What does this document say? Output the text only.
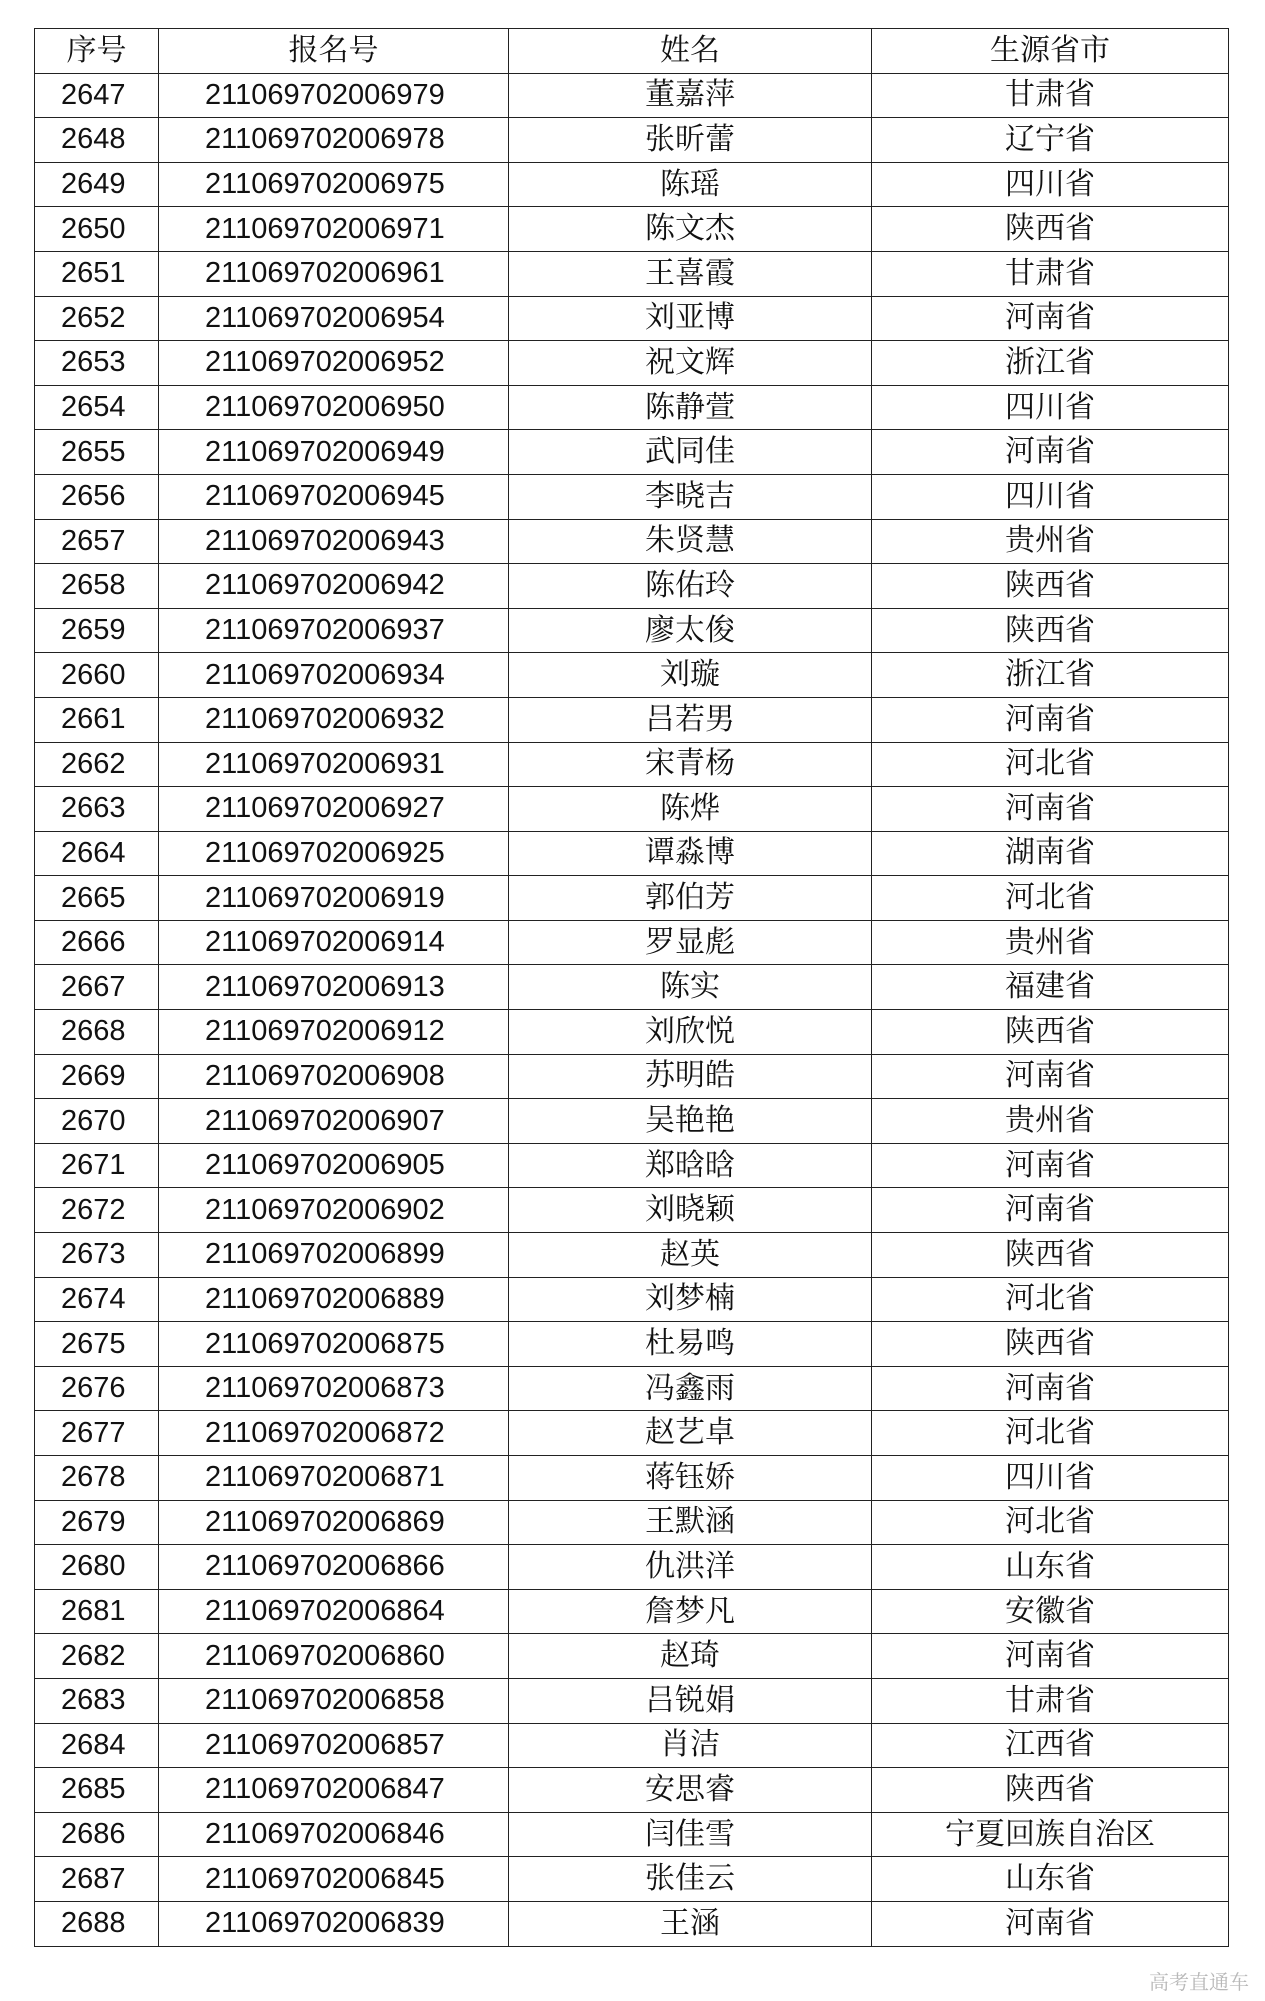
序号	报名号	姓名	生源省市
2647	211069702006979	董嘉萍	甘肃省
2648	211069702006978	张昕蕾	辽宁省
2649	211069702006975	陈瑶	四川省
2650	211069702006971	陈文杰	陕西省
2651	211069702006961	王喜霞	甘肃省
2652	211069702006954	刘亚博	河南省
2653	211069702006952	祝文辉	浙江省
2654	211069702006950	陈静萱	四川省
2655	211069702006949	武同佳	河南省
2656	211069702006945	李晓吉	四川省
2657	211069702006943	朱贤慧	贵州省
2658	211069702006942	陈佑玲	陕西省
2659	211069702006937	廖太俊	陕西省
2660	211069702006934	刘璇	浙江省
2661	211069702006932	吕若男	河南省
2662	211069702006931	宋青杨	河北省
2663	211069702006927	陈烨	河南省
2664	211069702006925	谭淼博	湖南省
2665	211069702006919	郭伯芳	河北省
2666	211069702006914	罗显彪	贵州省
2667	211069702006913	陈实	福建省
2668	211069702006912	刘欣悦	陕西省
2669	211069702006908	苏明皓	河南省
2670	211069702006907	吴艳艳	贵州省
2671	211069702006905	郑晗晗	河南省
2672	211069702006902	刘晓颖	河南省
2673	211069702006899	赵英	陕西省
2674	211069702006889	刘梦楠	河北省
2675	211069702006875	杜易鸣	陕西省
2676	211069702006873	冯鑫雨	河南省
2677	211069702006872	赵艺卓	河北省
2678	211069702006871	蒋钰娇	四川省
2679	211069702006869	王默涵	河北省
2680	211069702006866	仇洪洋	山东省
2681	211069702006864	詹梦凡	安徽省
2682	211069702006860	赵琦	河南省
2683	211069702006858	吕锐娟	甘肃省
2684	211069702006857	肖洁	江西省
2685	211069702006847	安思睿	陕西省
2686	211069702006846	闫佳雪	宁夏回族自治区
2687	211069702006845	张佳云	山东省
2688	211069702006839	王涵	河南省
高考直通车
